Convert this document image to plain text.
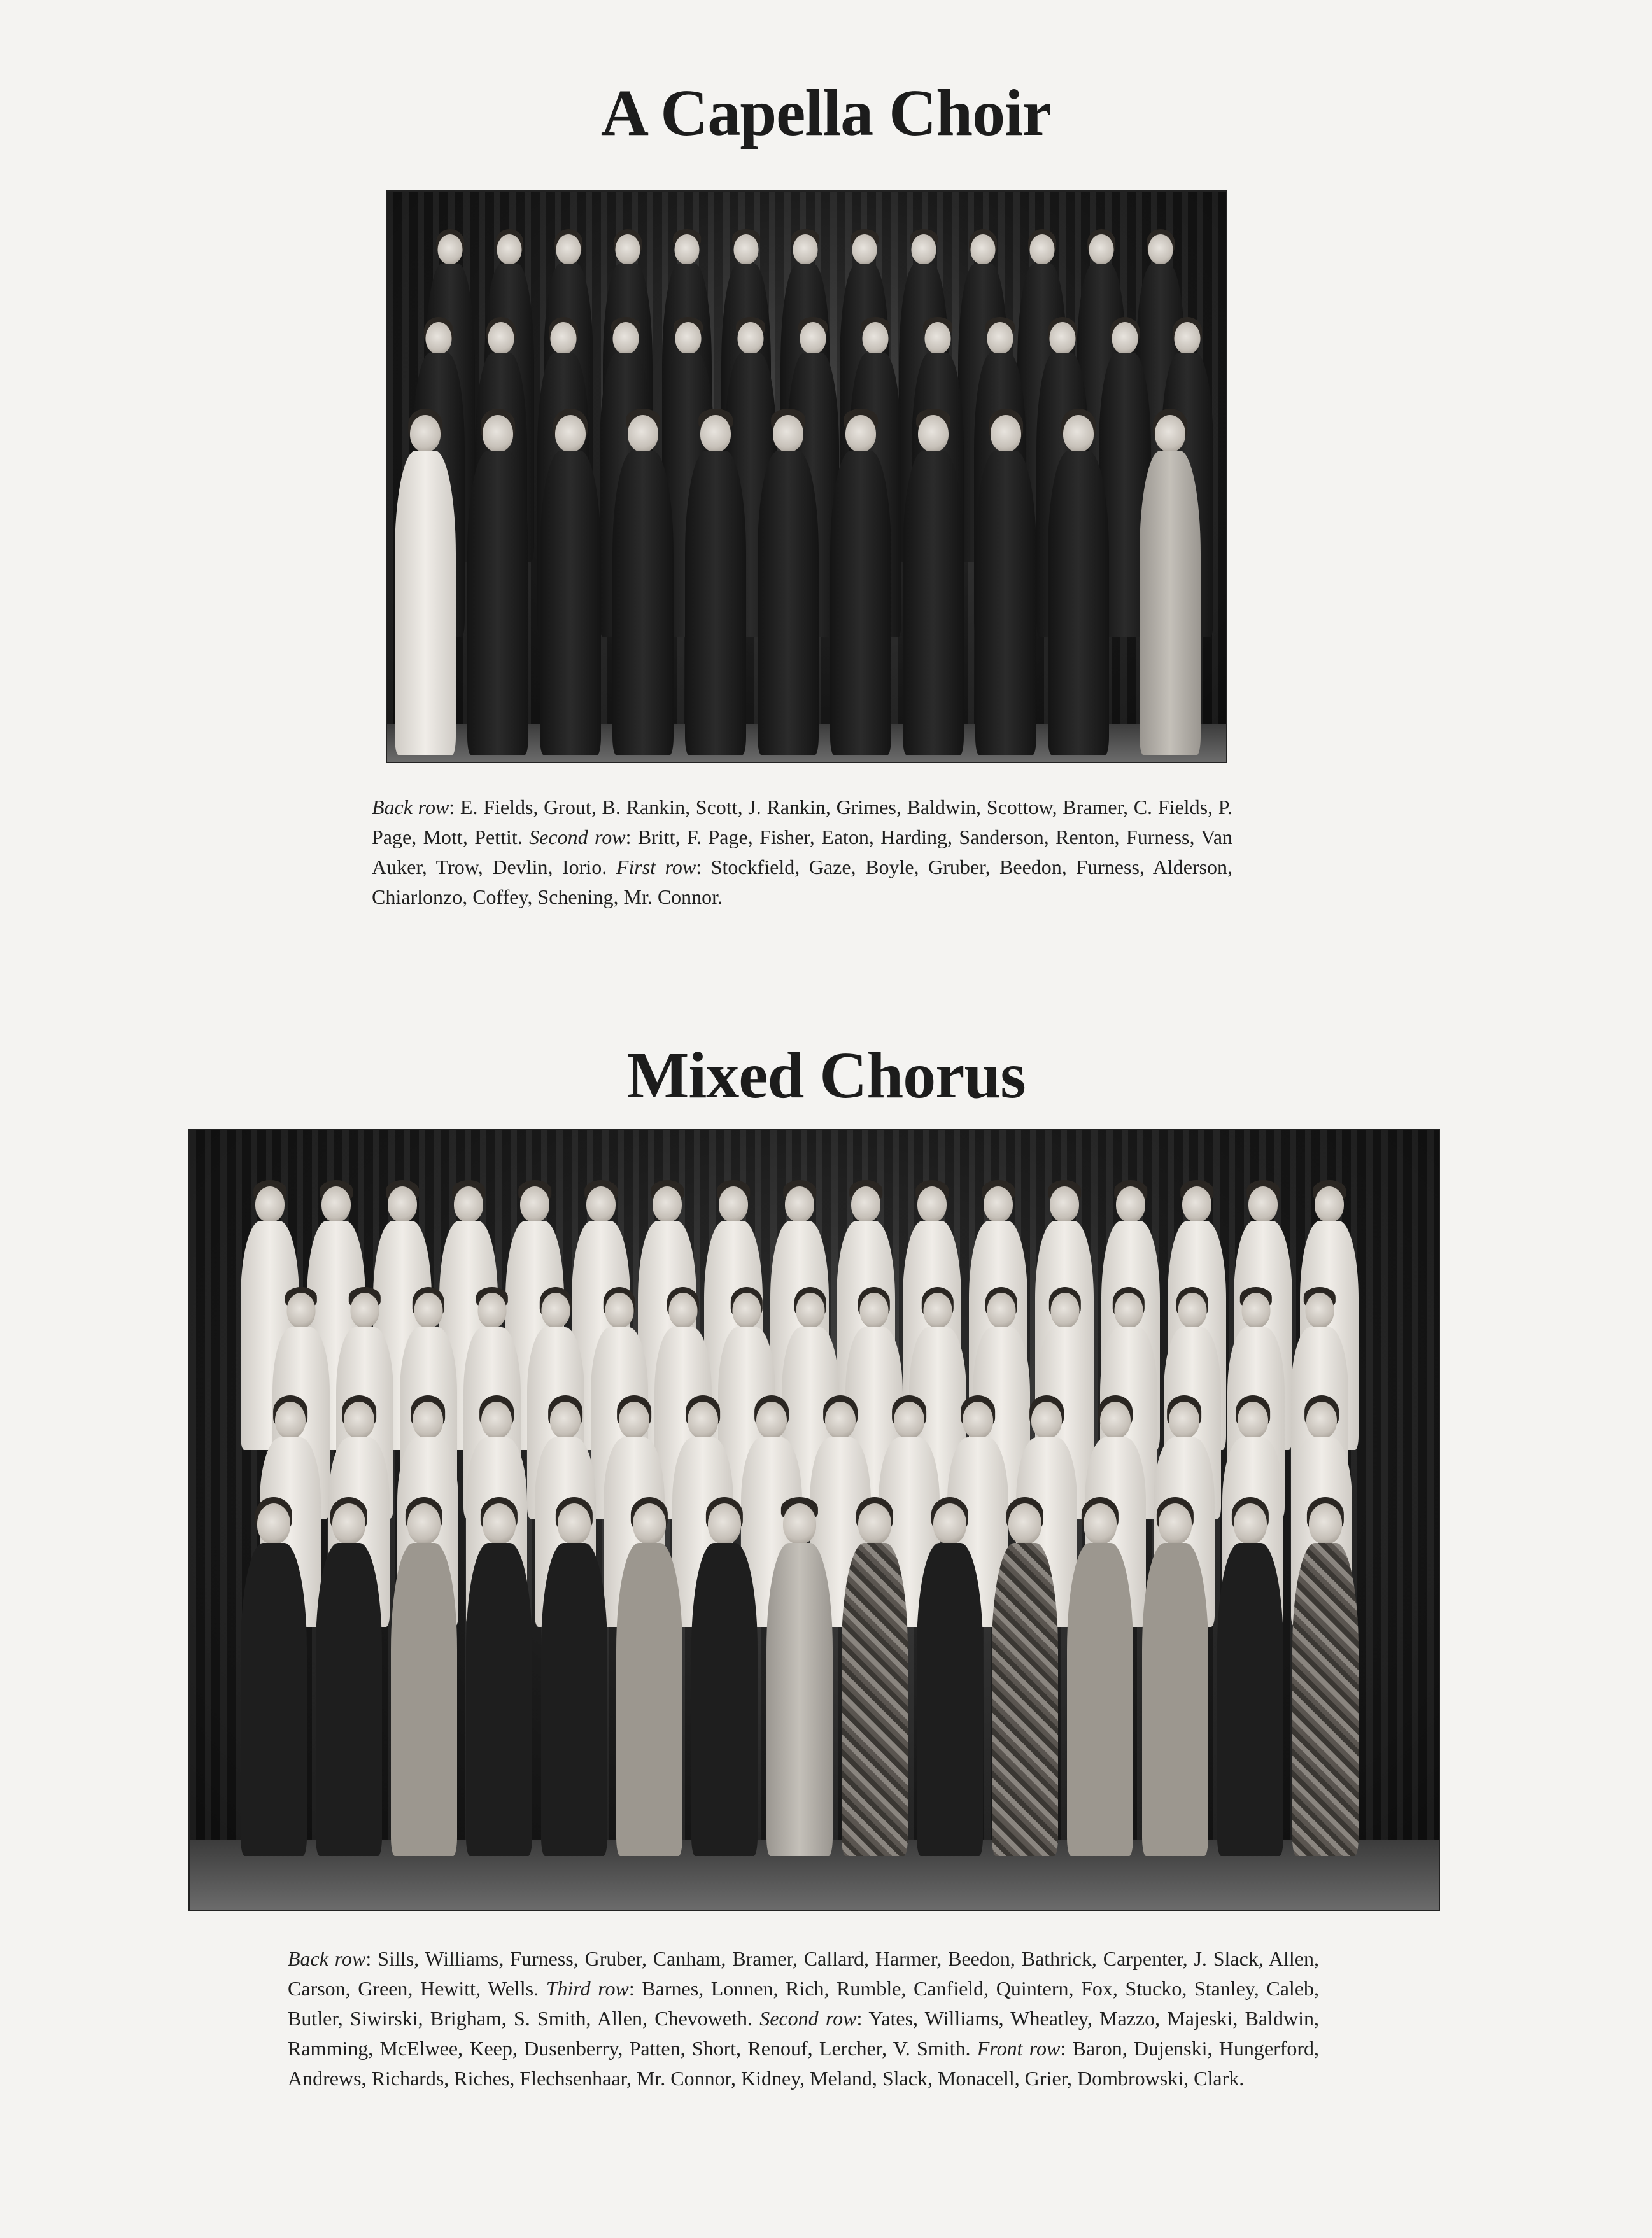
A Capella Choir

Back row: E. Fields, Grout, B. Rankin, Scott, J. Rankin, Grimes, Baldwin, Scottow, Bramer, C. Fields, P. Page, Mott, Pettit. Second row: Britt, F. Page, Fisher, Eaton, Harding, Sanderson, Renton, Furness, Van Auker, Trow, Devlin, Iorio. First row: Stockfield, Gaze, Boyle, Gruber, Beedon, Furness, Alderson, Chiarlonzo, Coffey, Schening, Mr. Connor.

Mixed Chorus

Back row: Sills, Williams, Furness, Gruber, Canham, Bramer, Callard, Harmer, Beedon, Bathrick, Carpenter, J. Slack, Allen, Carson, Green, Hewitt, Wells. Third row: Barnes, Lonnen, Rich, Rumble, Canfield, Quintern, Fox, Stucko, Stanley, Caleb, Butler, Siwirski, Brigham, S. Smith, Allen, Chevoweth. Second row: Yates, Williams, Wheatley, Mazzo, Majeski, Baldwin, Ramming, McElwee, Keep, Dusenberry, Patten, Short, Renouf, Lercher, V. Smith. Front row: Baron, Dujenski, Hungerford, Andrews, Richards, Riches, Flechsenhaar, Mr. Connor, Kidney, Meland, Slack, Monacell, Grier, Dombrowski, Clark.
